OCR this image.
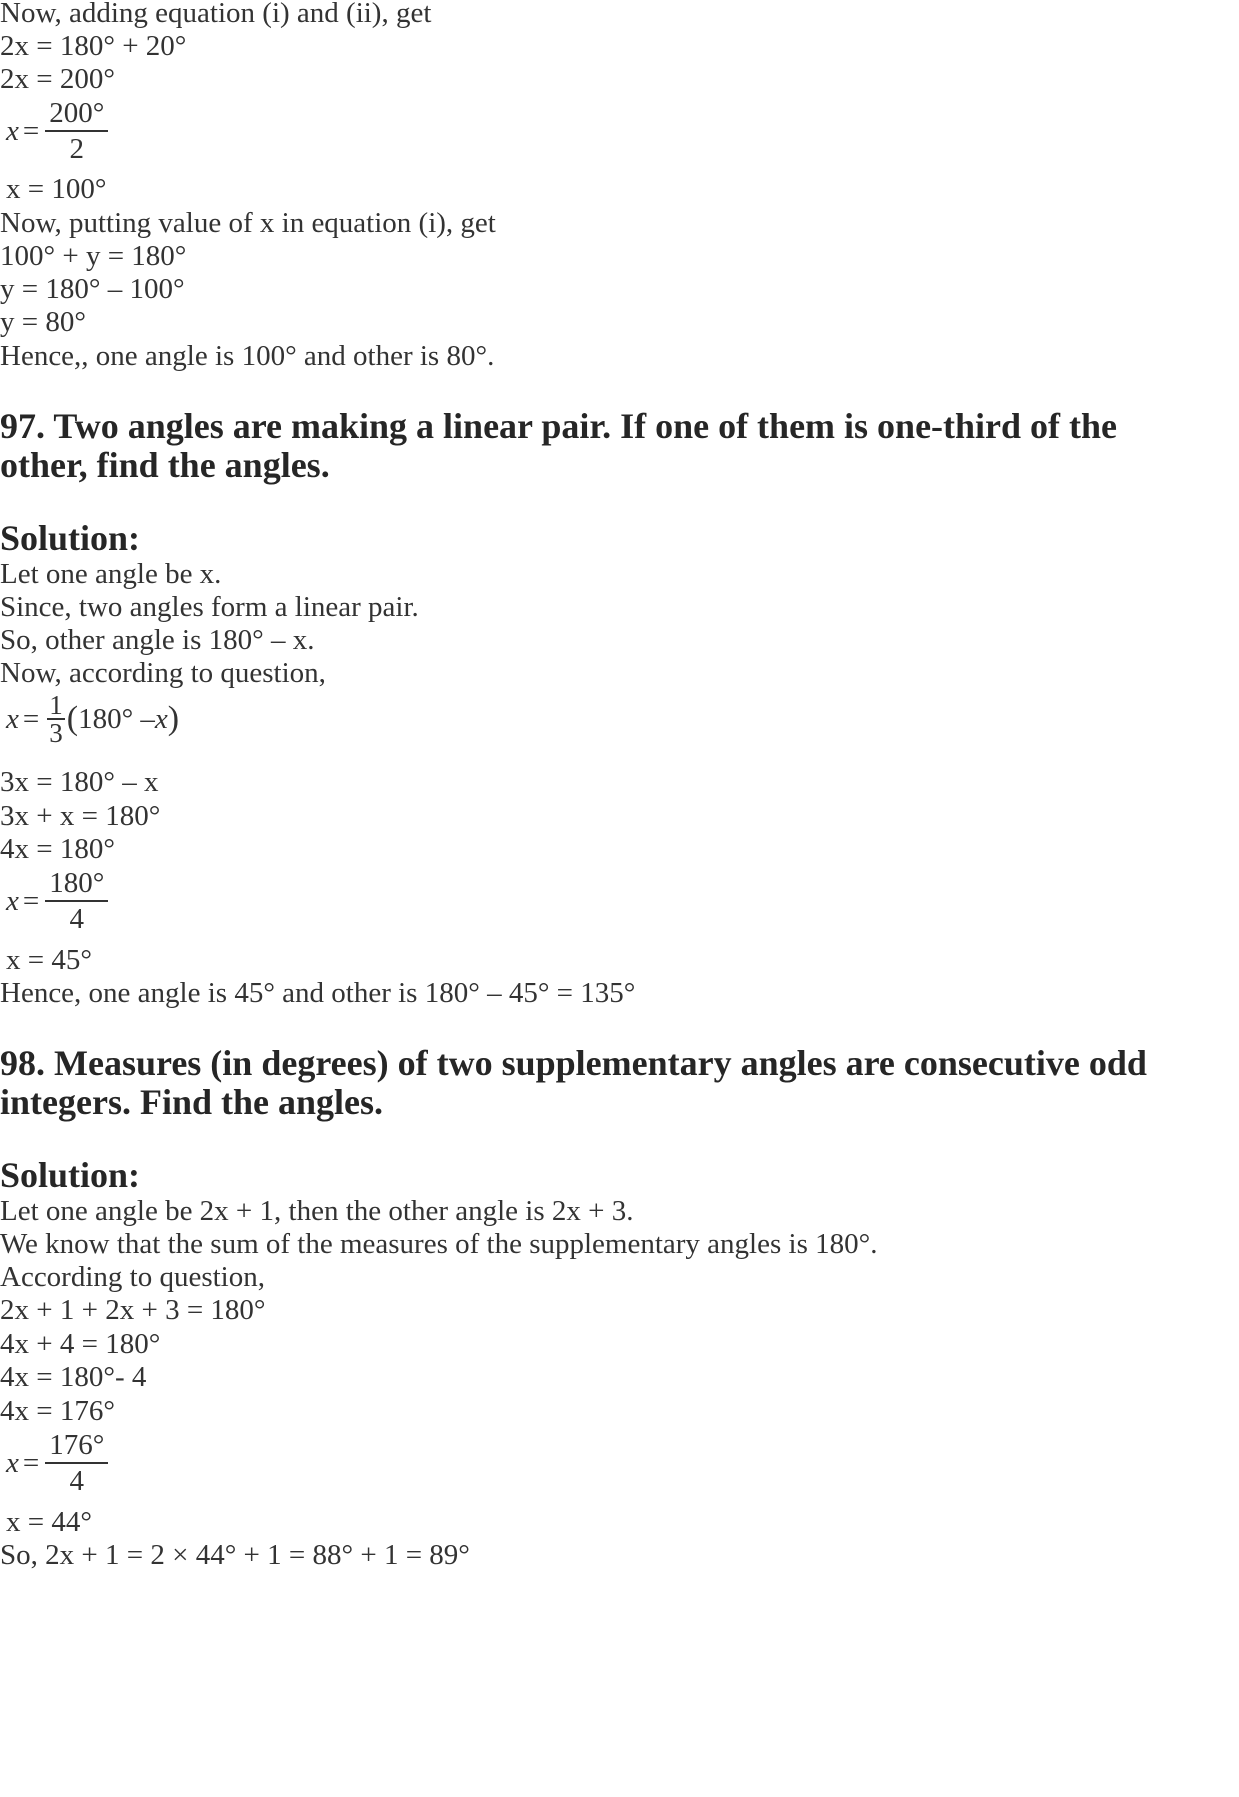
Now, adding equation (i) and (ii), get
2x = 180° + 20°
2x = 200°
$x = \frac{200^\circ}{2}$
x = 100°
Now, putting value of x in equation (i), get
100° + y = 180°
y = 180° – 100°
y = 80°
Hence,, one angle is 100° and other is 80°.
97. Two angles are making a linear pair. If one of them is one-third of the
other, find the angles.
Solution:
Let one angle be x.
Since, two angles form a linear pair.
So, other angle is 180° – x.
Now, according to question,
$x = \frac{1}{3}$ ( 180° – x )
3x = 180° – x
3x + x = 180°
4x = 180°
$x = \frac{180^\circ}{4}$
x = 45°
Hence, one angle is 45° and other is 180° – 45° = 135°
98. Measures (in degrees) of two supplementary angles are consecutive odd
integers. Find the angles.
Solution:
Let one angle be 2x + 1, then the other angle is 2x + 3.
We know that the sum of the measures of the supplementary angles is 180°.
According to question,
2x + 1 + 2x + 3 = 180°
4x + 4 = 180°
4x = 180°- 4
4x = 176°
$x = \frac{176^\circ}{4}$
x = 44°
So, 2x + 1 = 2 × 44° + 1 = 88° + 1 = 89°
